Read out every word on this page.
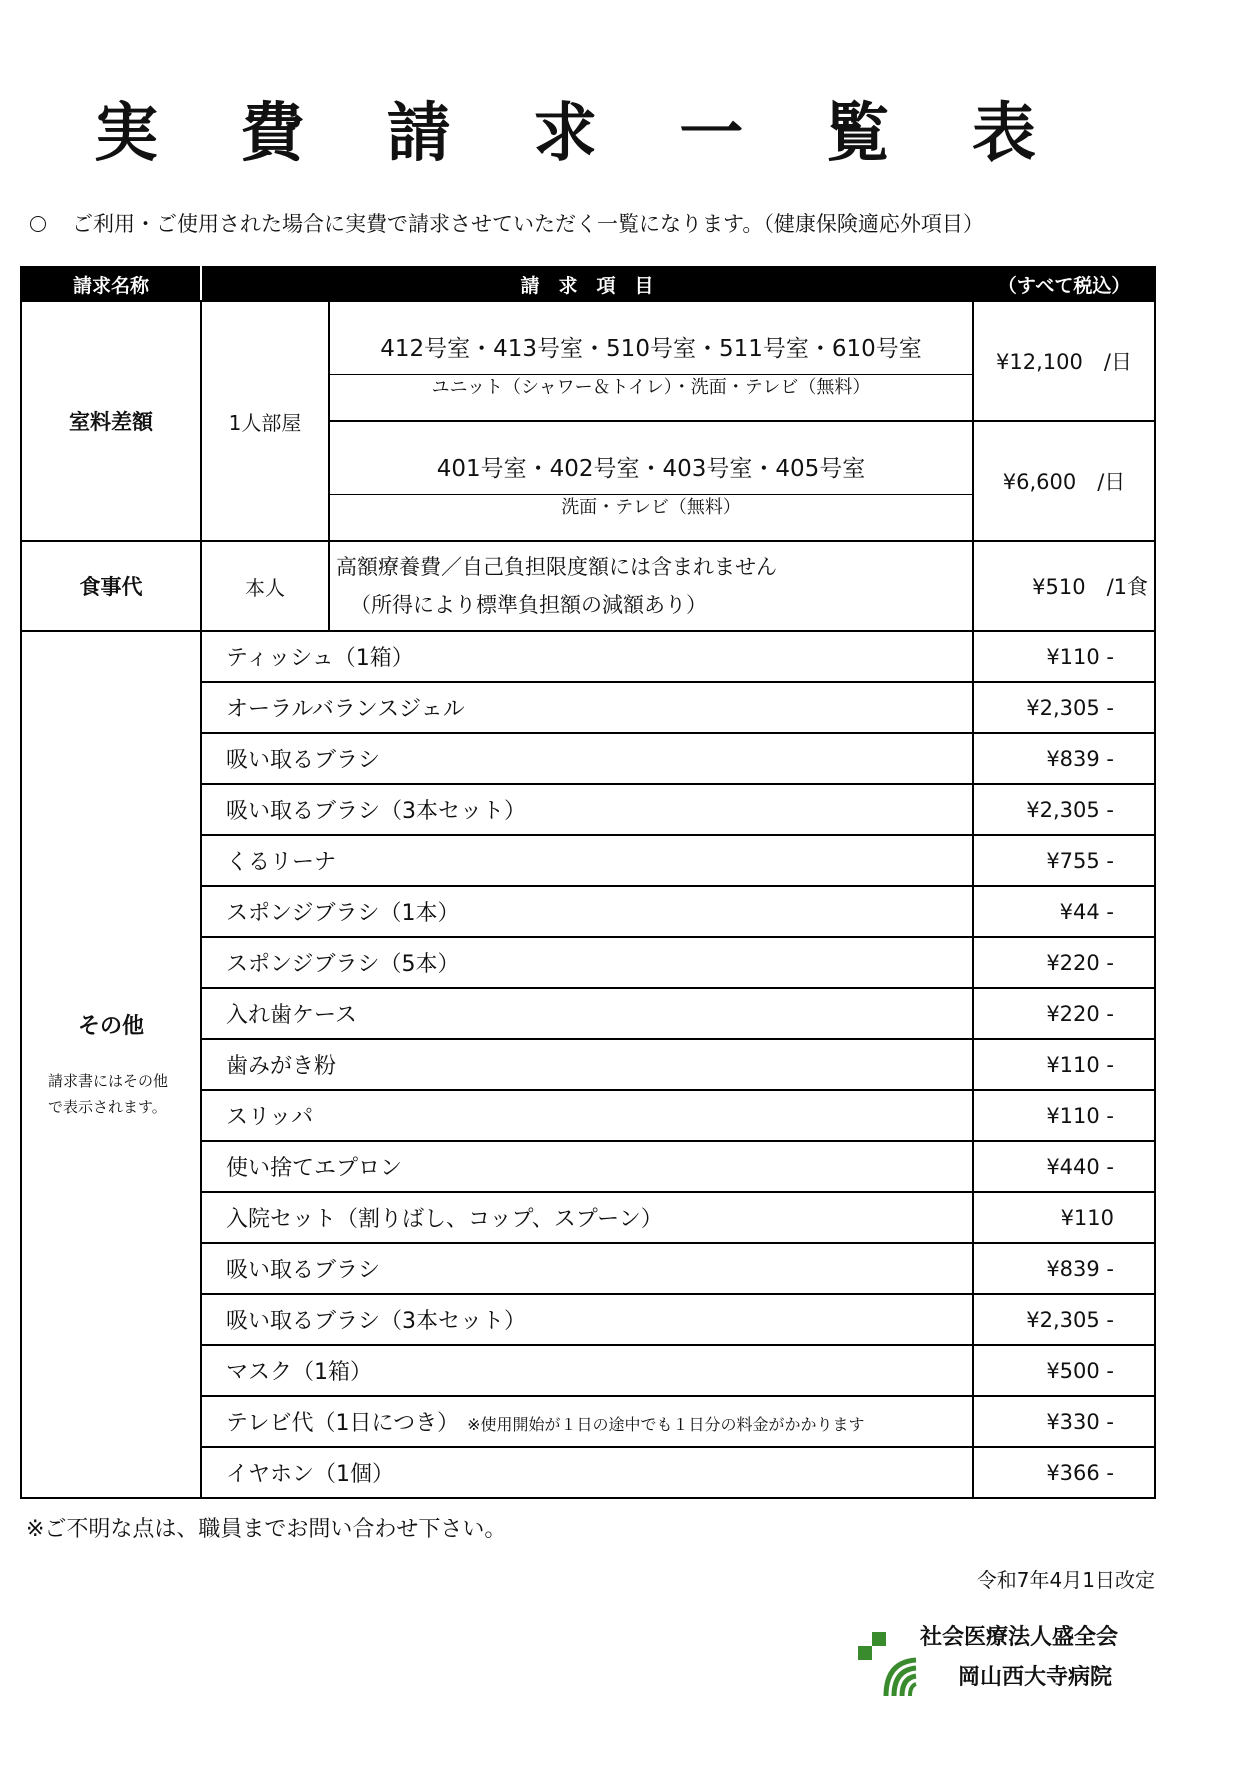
実 費 請 求 一 覧 表
ご利用・ご使用された場合に実費で請求させていただく一覧になります。（健康保険適応外項目）
請求名称	請　求　項　目		（すべて税込）
室料差額	1人部屋	412号室・413号室・510号室・511号室・610号室
ユニット（シャワー＆トイレ）・洗面・テレビ（無料）	¥12,100　/日

		401号室・402号室・403号室・405号室
洗面・テレビ（無料）	¥6,600　/日
食事代	本人	高額療養費／自己負担限度額には含まれません
（所得により標準負担額の減額あり）	¥510　/1食

その他
請求書にはその他
で表示されます。	ティッシュ（1箱）		¥110 -
	オーラルバランスジェル		¥2,305 -
	吸い取るブラシ		¥839 -
	吸い取るブラシ（3本セット）		¥2,305 -
	くるリーナ		¥755 -
	スポンジブラシ（1本）		¥44 -
	スポンジブラシ（5本）		¥220 -
	入れ歯ケース		¥220 -
	歯みがき粉		¥110 -
	スリッパ		¥110 -
	使い捨てエプロン		¥440 -
	入院セット（割りばし、コップ、スプーン）		¥110
	吸い取るブラシ		¥839 -
	吸い取るブラシ（3本セット）		¥2,305 -
	マスク（1箱）		¥500 -
	テレビ代（1日につき） ※使用開始が１日の途中でも１日分の料金がかかります		¥330 -
	イヤホン（1個）		¥366 -
※ご不明な点は、職員までお問い合わせ下さい。
令和7年4月1日改定
社会医療法人盛全会
岡山西大寺病院
